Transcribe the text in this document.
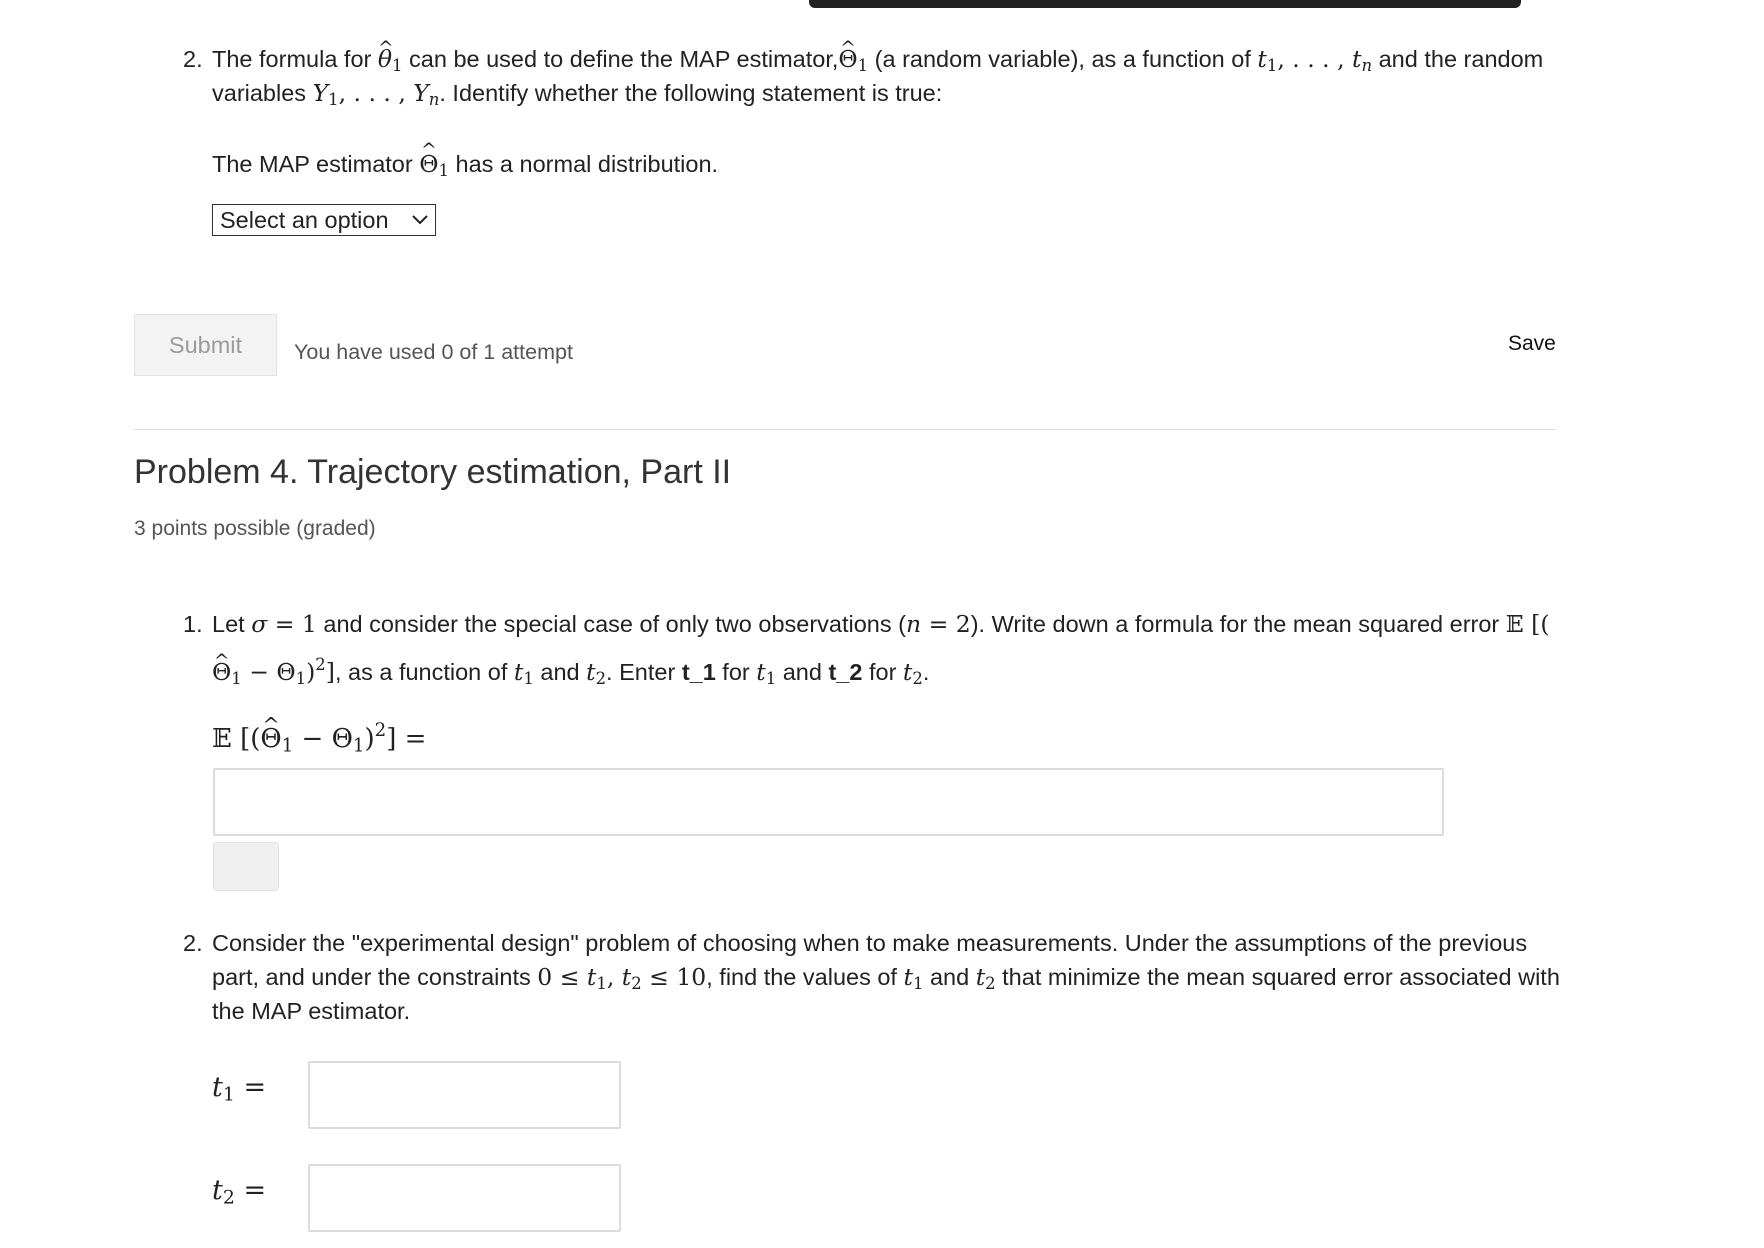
2. The formula for ^ $\theta_1$ can be used to define the MAP estimator,^ $\Theta_1$ (a random variable), as a function of $t_1$, . . . , $t_n$ and the random variables $Y_1$, . . . , $Y_n$. Identify whether the following statement is true:
The MAP estimator ^ $\Theta_1$ has a normal distribution.
Select an option
Submit	You have used 0 of 1 attempt	Save
Problem 4. Trajectory estimation, Part II
3 points possible (graded)
1. Let σ = 1 and consider the special case of only two observations (n = 2). Write down a formula for the mean squared error 𝔼 [(^ $\Theta_1 - \Theta_1)^2$], as a function of $t_1$ and $t_2$. Enter t_1 for $t_1$ and t_2 for $t_2$.
𝔼 [(^ $\Theta_1 - \Theta_1)^2$] =
2. Consider the "experimental design" problem of choosing when to make measurements. Under the assumptions of the previous part, and under the constraints $0 \le t_1$, $t_2 \le 10$, find the values of $t_1$ and $t_2$ that minimize the mean squared error associated with the MAP estimator.
$t_1$ =
$t_2$ =
